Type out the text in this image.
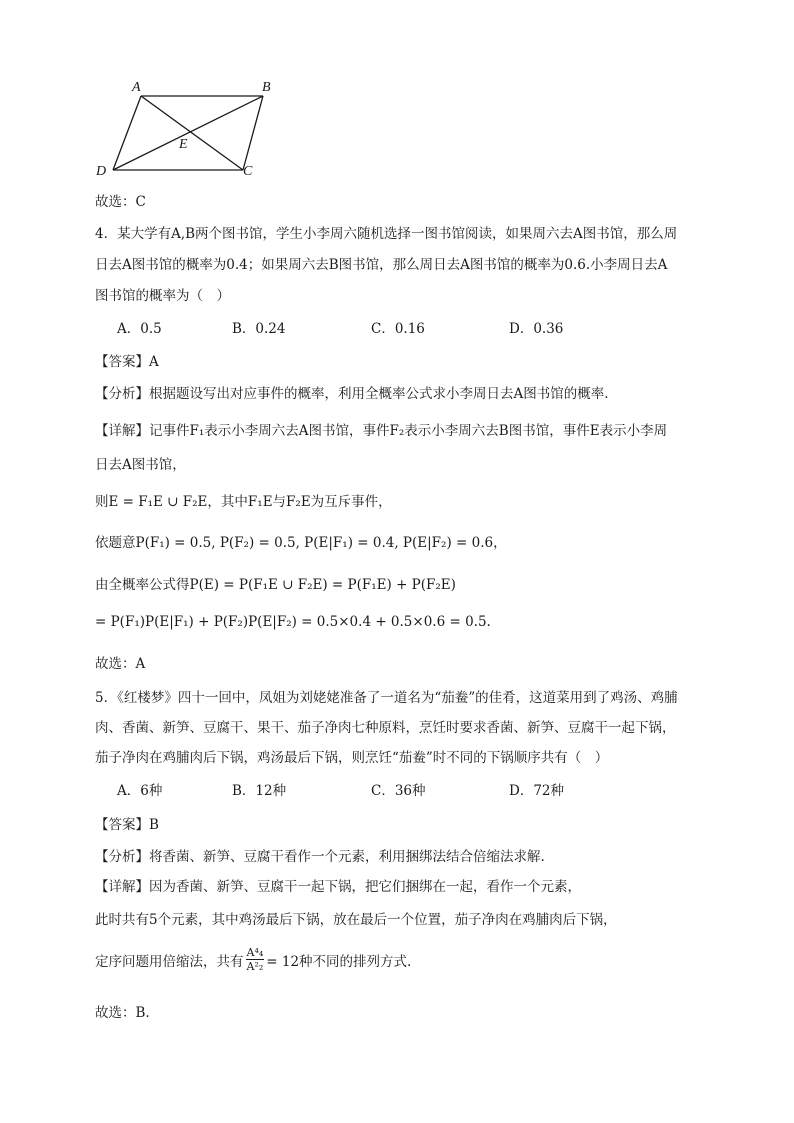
A	B
C
D
E
故选：C
4．某大学有A,B两个图书馆，学生小李周六随机选择一图书馆阅读，如果周六去A图书馆，那么周
日去A图书馆的概率为0.4；如果周六去B图书馆，那么周日去A图书馆的概率为0.6.小李周日去A
图书馆的概率为（　）
A．0.5	B．0.24	C．0.16	D．0.36
【答案】A
【分析】根据题设写出对应事件的概率，利用全概率公式求小李周日去A图书馆的概率.
【详解】记事件F₁表示小李周六去A图书馆，事件F₂表示小李周六去B图书馆，事件E表示小李周
日去A图书馆，
则E = F₁E ∪ F₂E，其中F₁E与F₂E为互斥事件，
依题意P(F₁) = 0.5, P(F₂) = 0.5, P(E|F₁) = 0.4, P(E|F₂) = 0.6，
由全概率公式得P(E) = P(F₁E ∪ F₂E) = P(F₁E) + P(F₂E)
= P(F₁)P(E|F₁) + P(F₂)P(E|F₂) = 0.5×0.4 + 0.5×0.6 = 0.5.
故选：A
5．《红楼梦》四十一回中，凤姐为刘姥姥准备了一道名为“茄鲞”的佳肴，这道菜用到了鸡汤、鸡脯
肉、香菌、新笋、豆腐干、果干、茄子净肉七种原料，烹饪时要求香菌、新笋、豆腐干一起下锅，
茄子净肉在鸡脯肉后下锅，鸡汤最后下锅，则烹饪“茄鲞”时不同的下锅顺序共有（　）
A．6种	B．12种	C．36种	D．72种
【答案】B
【分析】将香菌、新笋、豆腐干看作一个元素，利用捆绑法结合倍缩法求解.
【详解】因为香菌、新笋、豆腐干一起下锅，把它们捆绑在一起，看作一个元素，
此时共有5个元素，其中鸡汤最后下锅，放在最后一个位置，茄子净肉在鸡脯肉后下锅，
定序问题用倍缩法，共有 $\frac{\text{A⁴₄}}{\text{A²₂}} = 12$种不同的排列方式.
故选：B.
